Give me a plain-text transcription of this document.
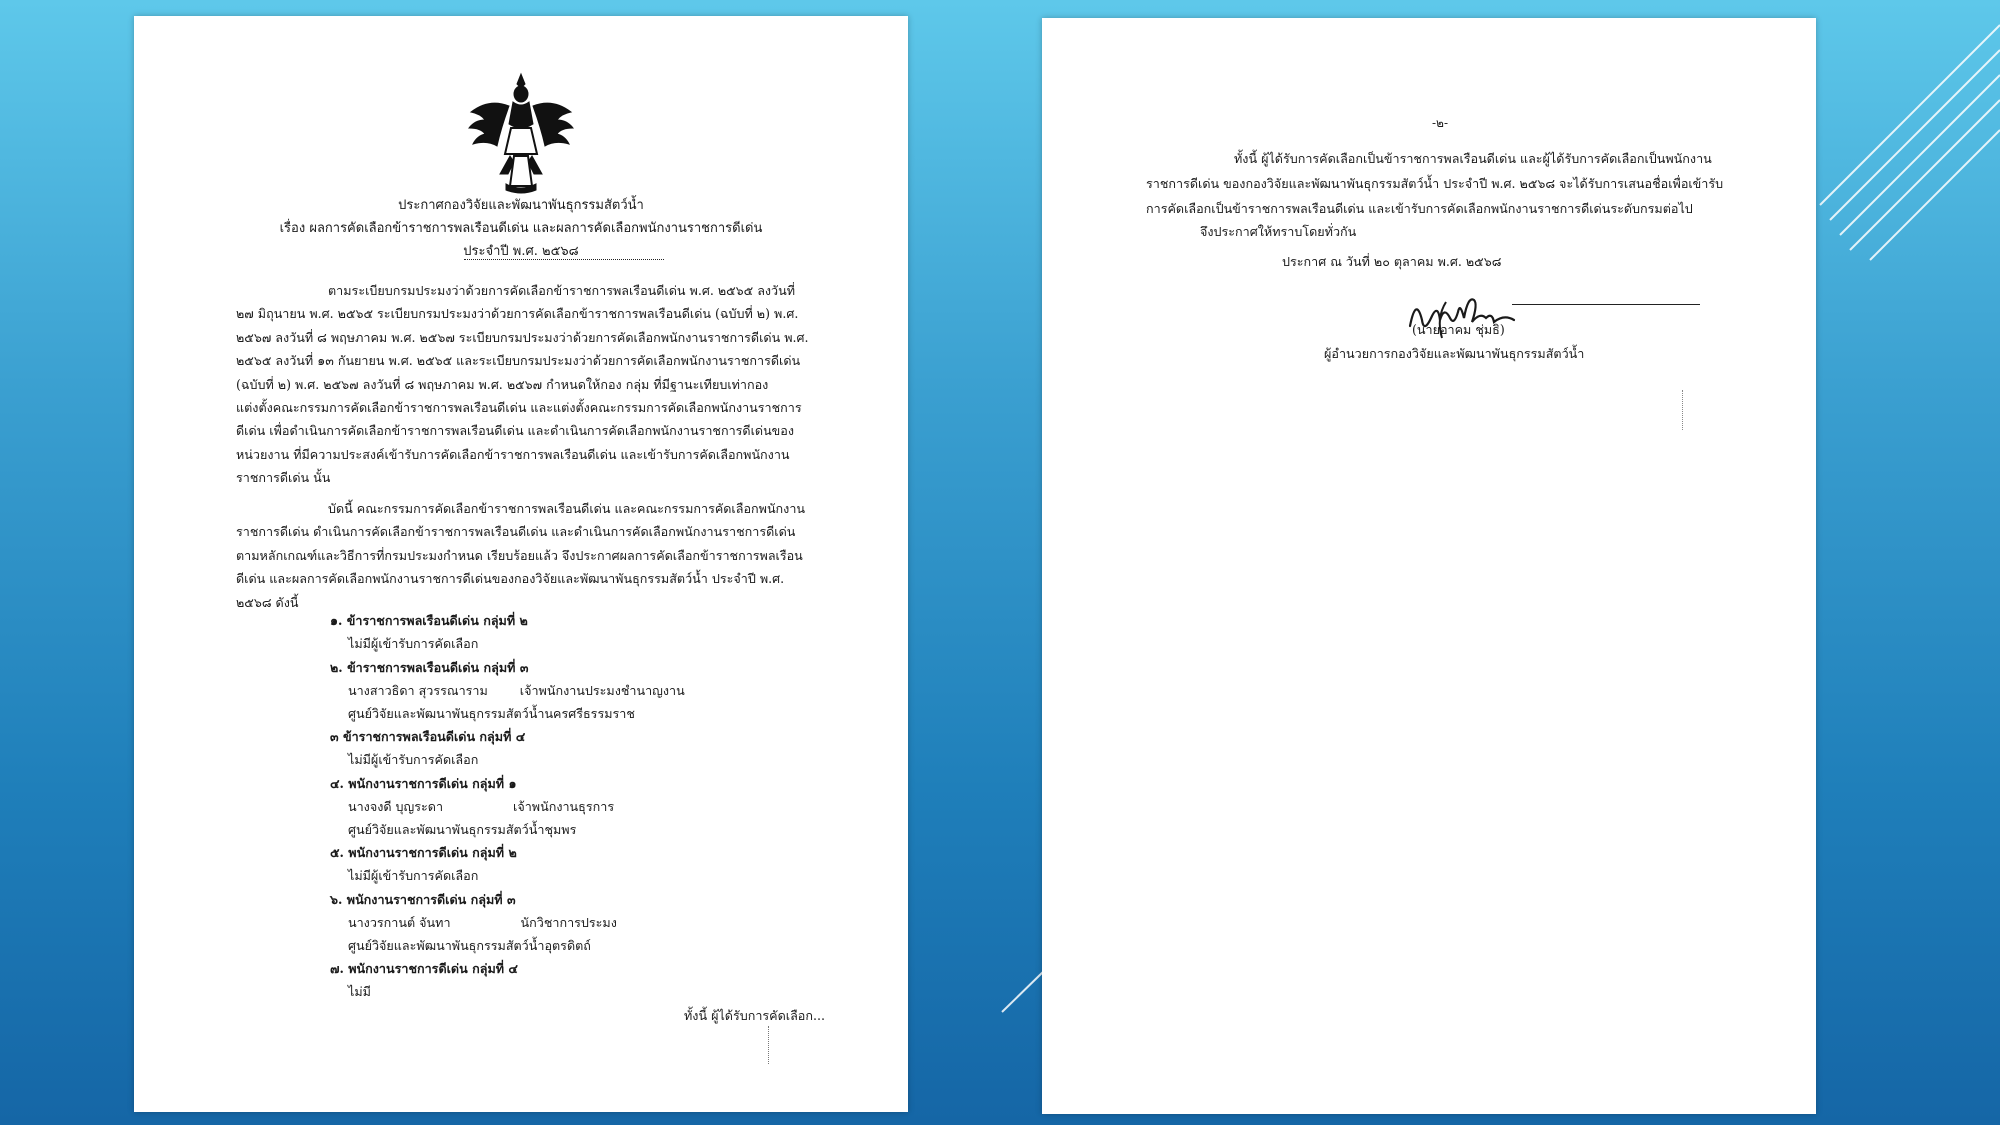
ประกาศกองวิจัยและพัฒนาพันธุกรรมสัตว์น้ำ
เรื่อง ผลการคัดเลือกข้าราชการพลเรือนดีเด่น และผลการคัดเลือกพนักงานราชการดีเด่น
ประจำปี พ.ศ. ๒๕๖๘
ตามระเบียบกรมประมงว่าด้วยการคัดเลือกข้าราชการพลเรือนดีเด่น พ.ศ. ๒๕๖๕ ลงวันที่
๒๗ มิถุนายน พ.ศ. ๒๕๖๕ ระเบียบกรมประมงว่าด้วยการคัดเลือกข้าราชการพลเรือนดีเด่น (ฉบับที่ ๒) พ.ศ.
๒๕๖๗ ลงวันที่ ๘ พฤษภาคม พ.ศ. ๒๕๖๗ ระเบียบกรมประมงว่าด้วยการคัดเลือกพนักงานราชการดีเด่น พ.ศ.
๒๕๖๕ ลงวันที่ ๑๓ กันยายน พ.ศ. ๒๕๖๕ และระเบียบกรมประมงว่าด้วยการคัดเลือกพนักงานราชการดีเด่น
(ฉบับที่ ๒) พ.ศ. ๒๕๖๗ ลงวันที่ ๘ พฤษภาคม พ.ศ. ๒๕๖๗ กำหนดให้กอง กลุ่ม ที่มีฐานะเทียบเท่ากอง
แต่งตั้งคณะกรรมการคัดเลือกข้าราชการพลเรือนดีเด่น และแต่งตั้งคณะกรรมการคัดเลือกพนักงานราชการ
ดีเด่น เพื่อดำเนินการคัดเลือกข้าราชการพลเรือนดีเด่น และดำเนินการคัดเลือกพนักงานราชการดีเด่นของ
หน่วยงาน ที่มีความประสงค์เข้ารับการคัดเลือกข้าราชการพลเรือนดีเด่น และเข้ารับการคัดเลือกพนักงาน
ราชการดีเด่น นั้น
บัดนี้ คณะกรรมการคัดเลือกข้าราชการพลเรือนดีเด่น และคณะกรรมการคัดเลือกพนักงาน
ราชการดีเด่น ดำเนินการคัดเลือกข้าราชการพลเรือนดีเด่น และดำเนินการคัดเลือกพนักงานราชการดีเด่น
ตามหลักเกณฑ์และวิธีการที่กรมประมงกำหนด เรียบร้อยแล้ว จึงประกาศผลการคัดเลือกข้าราชการพลเรือน
ดีเด่น และผลการคัดเลือกพนักงานราชการดีเด่นของกองวิจัยและพัฒนาพันธุกรรมสัตว์น้ำ ประจำปี พ.ศ.
๒๕๖๘ ดังนี้
๑. ข้าราชการพลเรือนดีเด่น กลุ่มที่ ๒
ไม่มีผู้เข้ารับการคัดเลือก
๒. ข้าราชการพลเรือนดีเด่น กลุ่มที่ ๓
นางสาวธิดา สุวรรณาราม	เจ้าพนักงานประมงชำนาญงาน
ศูนย์วิจัยและพัฒนาพันธุกรรมสัตว์น้ำนครศรีธรรมราช
๓ ข้าราชการพลเรือนดีเด่น กลุ่มที่ ๔
ไม่มีผู้เข้ารับการคัดเลือก
๔. พนักงานราชการดีเด่น กลุ่มที่ ๑
นางจงดี บุญระดา	เจ้าพนักงานธุรการ
ศูนย์วิจัยและพัฒนาพันธุกรรมสัตว์น้ำชุมพร
๕. พนักงานราชการดีเด่น กลุ่มที่ ๒
ไม่มีผู้เข้ารับการคัดเลือก
๖. พนักงานราชการดีเด่น กลุ่มที่ ๓
นางวรกานต์ จันทา	นักวิชาการประมง
ศูนย์วิจัยและพัฒนาพันธุกรรมสัตว์น้ำอุตรดิตถ์
๗. พนักงานราชการดีเด่น กลุ่มที่ ๔
ไม่มี
ทั้งนี้ ผู้ได้รับการคัดเลือก...
-๒-
ทั้งนี้ ผู้ได้รับการคัดเลือกเป็นข้าราชการพลเรือนดีเด่น และผู้ได้รับการคัดเลือกเป็นพนักงาน
ราชการดีเด่น ของกองวิจัยและพัฒนาพันธุกรรมสัตว์น้ำ ประจำปี พ.ศ. ๒๕๖๘ จะได้รับการเสนอชื่อเพื่อเข้ารับ
การคัดเลือกเป็นข้าราชการพลเรือนดีเด่น และเข้ารับการคัดเลือกพนักงานราชการดีเด่นระดับกรมต่อไป
จึงประกาศให้ทราบโดยทั่วกัน
ประกาศ ณ วันที่ ๒๐ ตุลาคม พ.ศ. ๒๕๖๘
(นายอาคม ชุ่มธิ)
ผู้อำนวยการกองวิจัยและพัฒนาพันธุกรรมสัตว์น้ำ
